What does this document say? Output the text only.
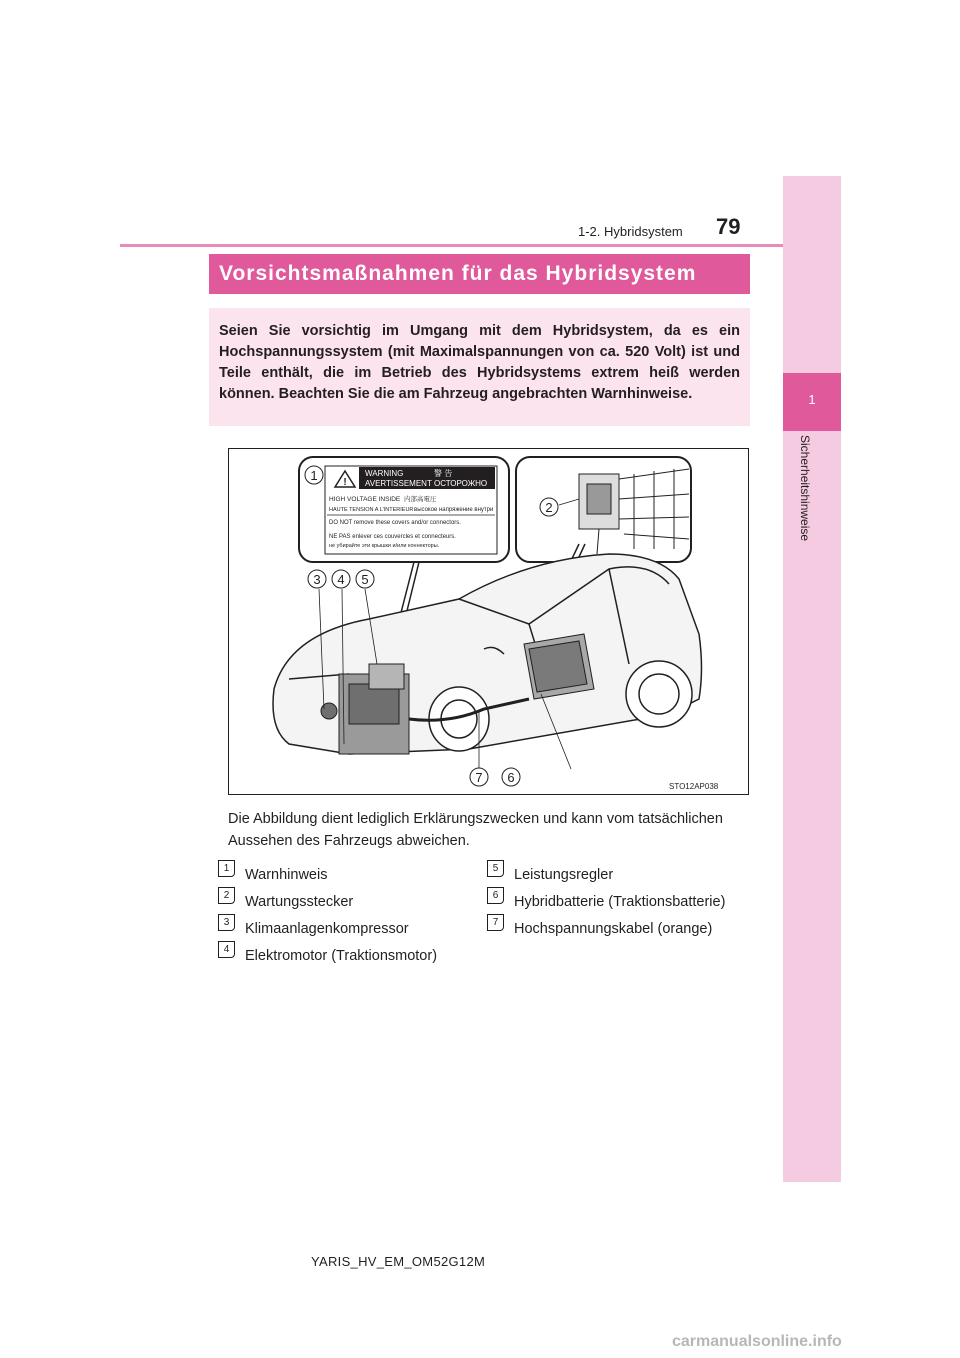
1
Sicherheitshinweise
1-2. Hybridsystem 79
Vorsichtsmaßnahmen für das Hybridsystem

Seien Sie vorsichtig im Umgang mit dem Hybridsystem, da es ein Hochspannungssystem (mit Maximalspannungen von ca. 520 Volt) ist und Teile enthält, die im Betrieb des Hybridsystems extrem heiß werden können. Beachten Sie die am Fahrzeug angebrachten Warnhinweise.

!
WARNING	警 告
AVERTISSEMENT ОСТОРОЖНО
HIGH VOLTAGE INSIDE 内部高電圧
HAUTE TENSION A L'INTERIEUR высокое напряжение внутри
DO NOT remove these covers and/or connectors.
NE PAS enlever ces couvercles et connecteurs.
не убирайте эти крышки и/или коннекторы.
1
2
3 4 5
6
7
STO12AP038

Die Abbildung dient lediglich Erklärungszwecken und kann vom tatsächlichen Aussehen des Fahrzeugs abweichen.

1	Warnhinweis
2	Wartungsstecker
3	Klimaanlagenkompressor
4	Elektromotor (Traktionsmotor)
5	Leistungsregler
6	Hybridbatterie (Traktionsbatterie)
7	Hochspannungskabel (orange)
YARIS_HV_EM_OM52G12M
carmanualsonline.info
